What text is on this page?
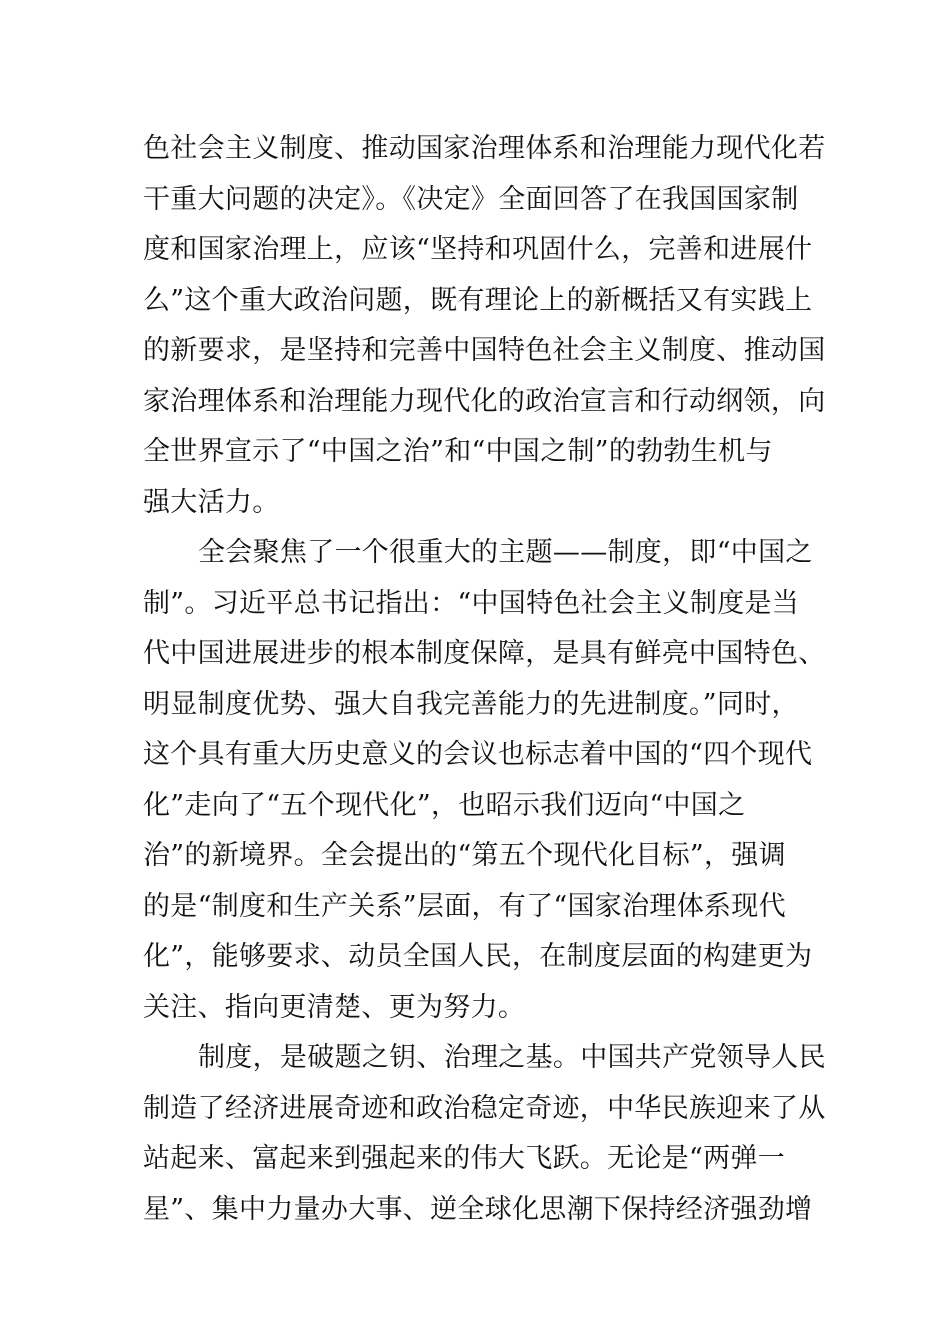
色社会主义制度、推动国家治理体系和治理能力现代化若
干重大问题的决定》。《决定》全面回答了在我国国家制
度和国家治理上，应该“坚持和巩固什么，完善和进展什
么”这个重大政治问题，既有理论上的新概括又有实践上
的新要求，是坚持和完善中国特色社会主义制度、推动国
家治理体系和治理能力现代化的政治宣言和行动纲领，向
全世界宣示了“中国之治”和“中国之制”的勃勃生机与
强大活力。
全会聚焦了一个很重大的主题——制度，即“中国之
制”。习近平总书记指出：“中国特色社会主义制度是当
代中国进展进步的根本制度保障，是具有鲜亮中国特色、
明显制度优势、强大自我完善能力的先进制度。”同时，
这个具有重大历史意义的会议也标志着中国的“四个现代
化”走向了“五个现代化”，也昭示我们迈向“中国之
治”的新境界。全会提出的“第五个现代化目标”，强调
的是“制度和生产关系”层面，有了“国家治理体系现代
化”，能够要求、动员全国人民，在制度层面的构建更为
关注、指向更清楚、更为努力。
制度，是破题之钥、治理之基。中国共产党领导人民
制造了经济进展奇迹和政治稳定奇迹，中华民族迎来了从
站起来、富起来到强起来的伟大飞跃。无论是“两弹一
星”、集中力量办大事、逆全球化思潮下保持经济强劲增
